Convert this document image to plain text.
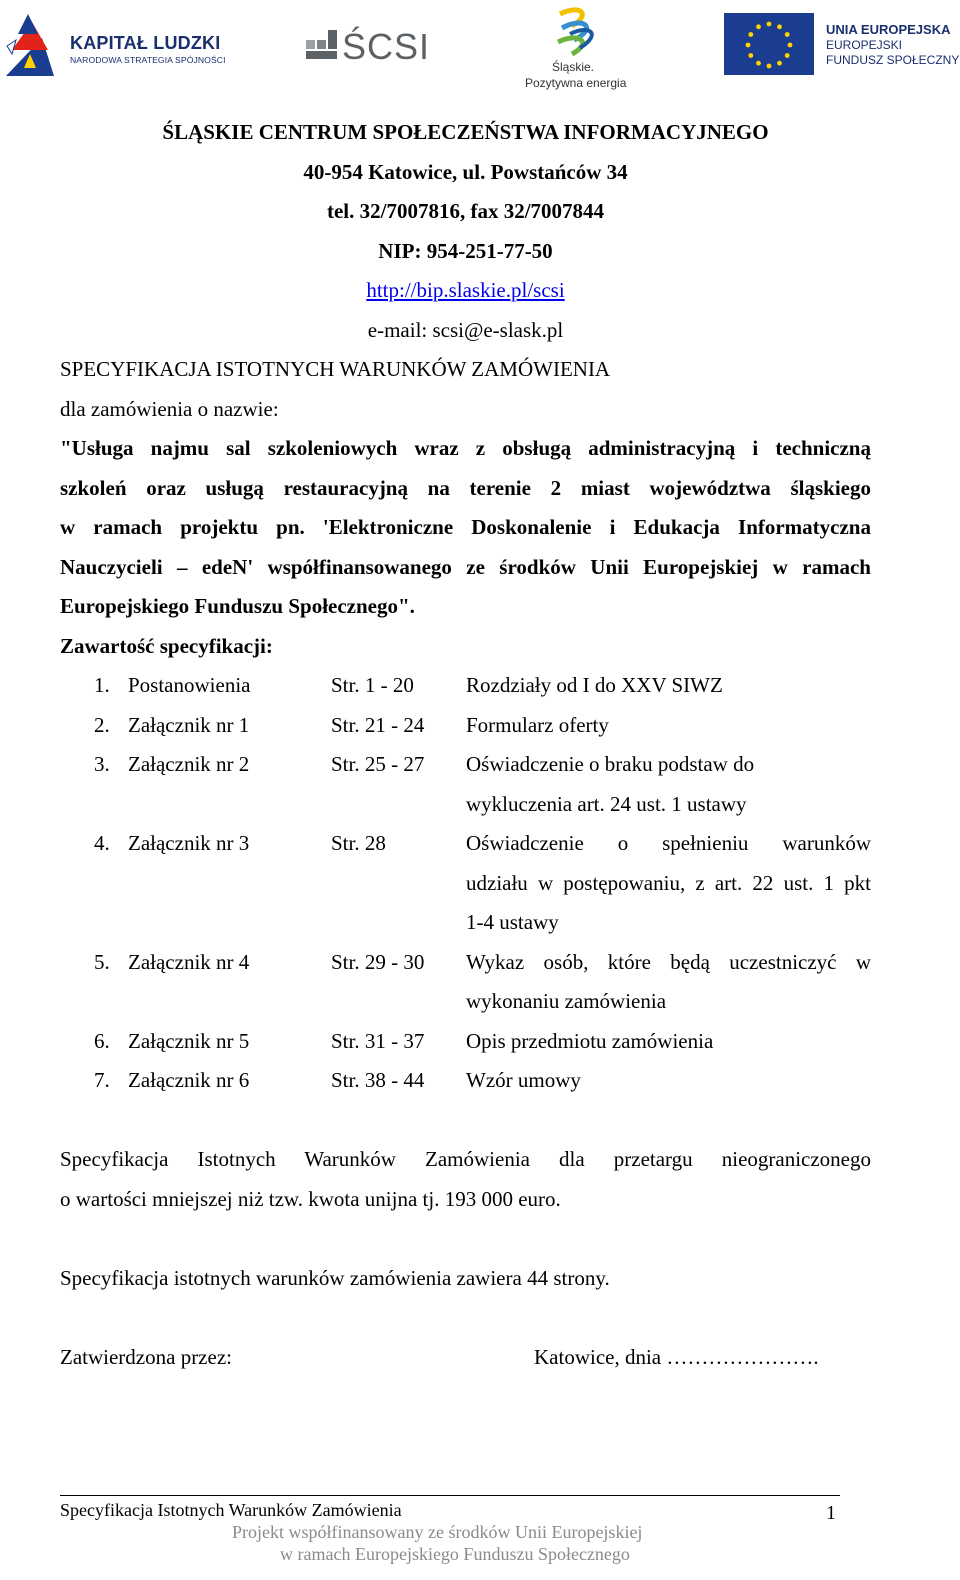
KAPITAŁ LUDZKI
NARODOWA STRATEGIA SPÓJNOŚCI	ŚCSI	Śląskie.
Pozytywna energia
UNIA EUROPEJSKA
EUROPEJSKI
FUNDUSZ SPOŁECZNY
ŚLĄSKIE CENTRUM SPOŁECZEŃSTWA INFORMACYJNEGO
40-954 Katowice, ul. Powstańców 34
tel. 32/7007816, fax 32/7007844
NIP: 954-251-77-50
http://bip.slaskie.pl/scsi
e-mail: scsi@e-slask.pl
SPECYFIKACJA ISTOTNYCH WARUNKÓW ZAMÓWIENIA
dla zamówienia o nazwie:
"Usługa najmu sal szkoleniowych wraz z obsługą administracyjną i techniczną
szkoleń oraz usługą restauracyjną na terenie 2 miast województwa śląskiego
w ramach projektu pn. 'Elektroniczne Doskonalenie i Edukacja Informatyczna
Nauczycieli – edeN' współfinansowanego ze środków Unii Europejskiej w ramach
Europejskiego Funduszu Społecznego".
Zawartość specyfikacji:
1. Postanowienia	Str. 1 - 20 Rozdziały od I do XXV SIWZ
2. Załącznik nr 1	Str. 21 - 24 Formularz oferty
3. Załącznik nr 2	Str. 25 - 27 Oświadczenie o braku podstaw do
wykluczenia art. 24 ust. 1 ustawy
4. Załącznik nr 3	Str. 28	Oświadczenie o spełnieniu warunków
udziału w postępowaniu, z art. 22 ust. 1 pkt
1-4 ustawy
5. Załącznik nr 4	Str. 29 - 30 Wykaz osób, które będą uczestniczyć w
wykonaniu zamówienia
6. Załącznik nr 5	Str. 31 - 37 Opis przedmiotu zamówienia
7. Załącznik nr 6	Str. 38 - 44 Wzór umowy
Specyfikacja Istotnych Warunków Zamówienia dla przetargu nieograniczonego
o wartości mniejszej niż tzw. kwota unijna tj. 193 000 euro.
Specyfikacja istotnych warunków zamówienia zawiera 44 strony.
Zatwierdzona przez:	Katowice, dnia ………………….
Specyfikacja Istotnych Warunków Zamówienia	1
Projekt współfinansowany ze środków Unii Europejskiej
w ramach Europejskiego Funduszu Społecznego
